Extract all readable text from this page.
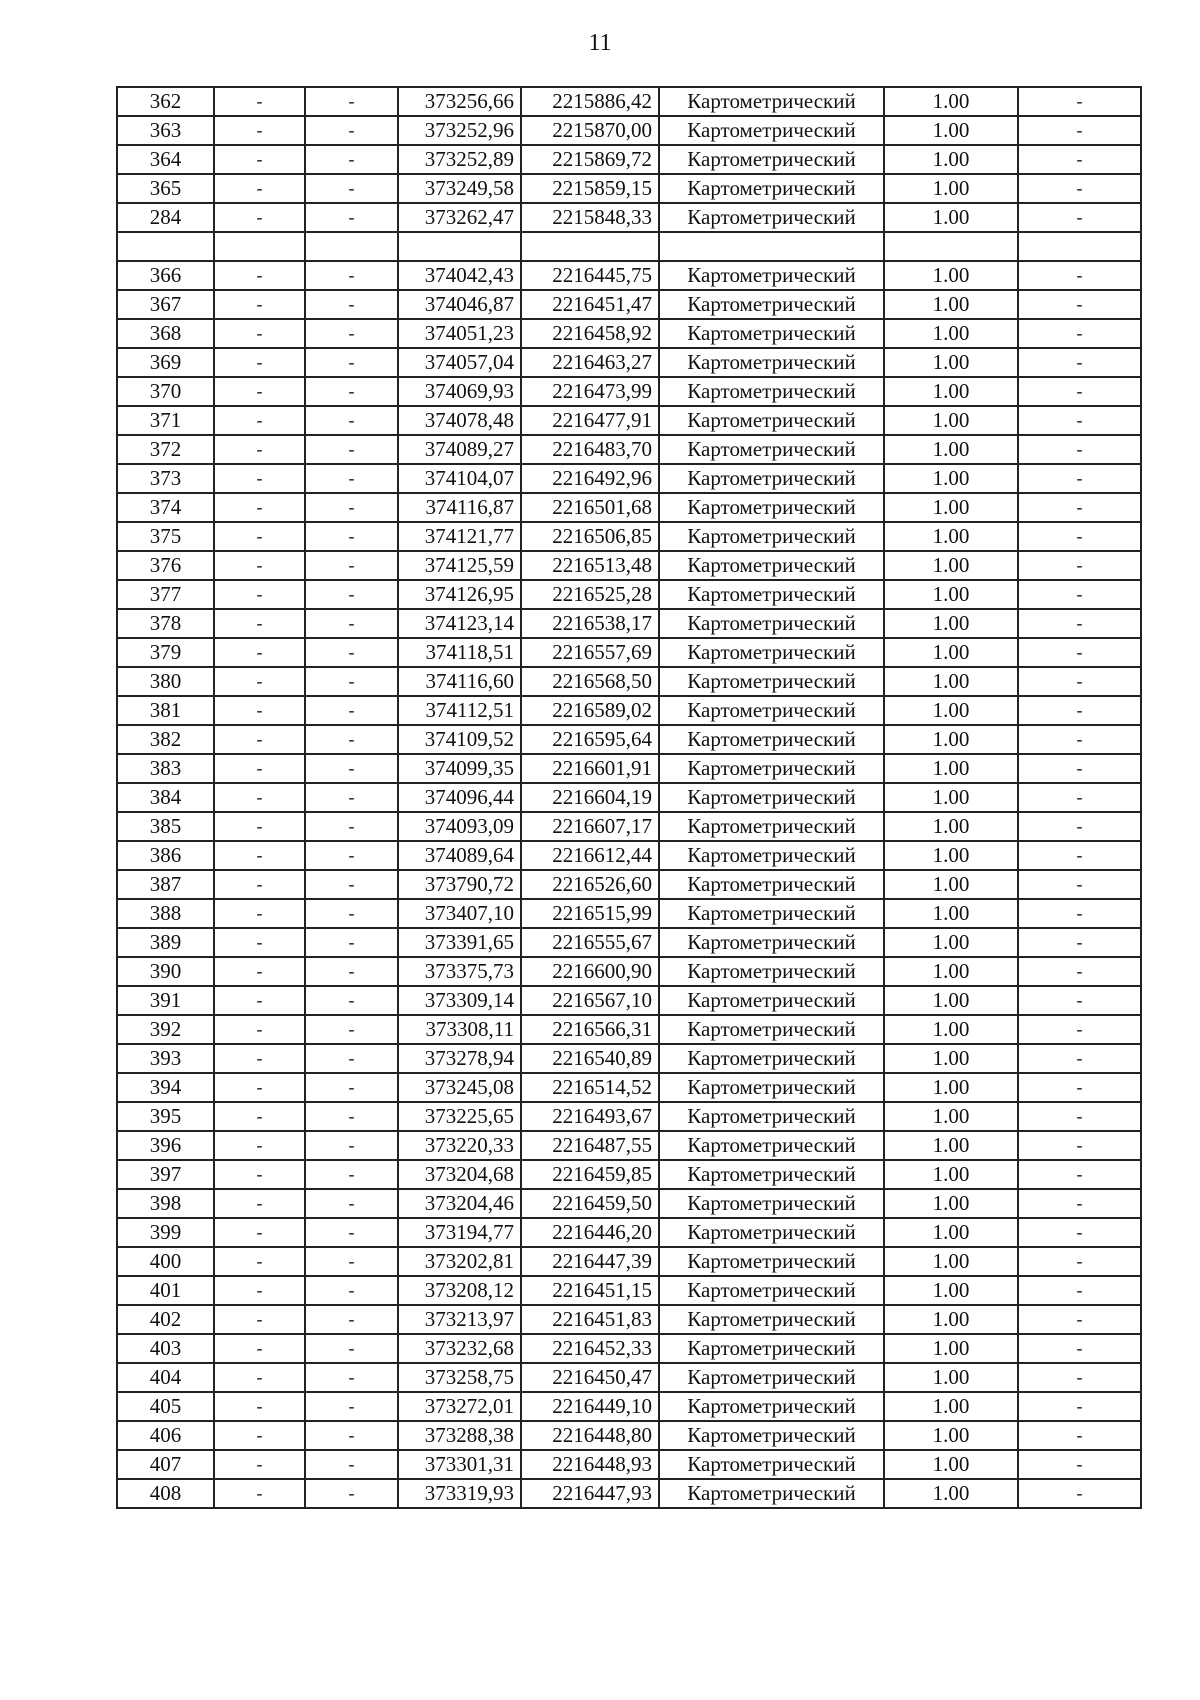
11
362	-	-	373256,66	2215886,42	Картометрический	1.00	-
363	-	-	373252,96	2215870,00	Картометрический	1.00	-
364	-	-	373252,89	2215869,72	Картометрический	1.00	-
365	-	-	373249,58	2215859,15	Картометрический	1.00	-
284	-	-	373262,47	2215848,33	Картометрический	1.00	-

366	-	-	374042,43	2216445,75	Картометрический	1.00	-
367	-	-	374046,87	2216451,47	Картометрический	1.00	-
368	-	-	374051,23	2216458,92	Картометрический	1.00	-
369	-	-	374057,04	2216463,27	Картометрический	1.00	-
370	-	-	374069,93	2216473,99	Картометрический	1.00	-
371	-	-	374078,48	2216477,91	Картометрический	1.00	-
372	-	-	374089,27	2216483,70	Картометрический	1.00	-
373	-	-	374104,07	2216492,96	Картометрический	1.00	-
374	-	-	374116,87	2216501,68	Картометрический	1.00	-
375	-	-	374121,77	2216506,85	Картометрический	1.00	-
376	-	-	374125,59	2216513,48	Картометрический	1.00	-
377	-	-	374126,95	2216525,28	Картометрический	1.00	-
378	-	-	374123,14	2216538,17	Картометрический	1.00	-
379	-	-	374118,51	2216557,69	Картометрический	1.00	-
380	-	-	374116,60	2216568,50	Картометрический	1.00	-
381	-	-	374112,51	2216589,02	Картометрический	1.00	-
382	-	-	374109,52	2216595,64	Картометрический	1.00	-
383	-	-	374099,35	2216601,91	Картометрический	1.00	-
384	-	-	374096,44	2216604,19	Картометрический	1.00	-
385	-	-	374093,09	2216607,17	Картометрический	1.00	-
386	-	-	374089,64	2216612,44	Картометрический	1.00	-
387	-	-	373790,72	2216526,60	Картометрический	1.00	-
388	-	-	373407,10	2216515,99	Картометрический	1.00	-
389	-	-	373391,65	2216555,67	Картометрический	1.00	-
390	-	-	373375,73	2216600,90	Картометрический	1.00	-
391	-	-	373309,14	2216567,10	Картометрический	1.00	-
392	-	-	373308,11	2216566,31	Картометрический	1.00	-
393	-	-	373278,94	2216540,89	Картометрический	1.00	-
394	-	-	373245,08	2216514,52	Картометрический	1.00	-
395	-	-	373225,65	2216493,67	Картометрический	1.00	-
396	-	-	373220,33	2216487,55	Картометрический	1.00	-
397	-	-	373204,68	2216459,85	Картометрический	1.00	-
398	-	-	373204,46	2216459,50	Картометрический	1.00	-
399	-	-	373194,77	2216446,20	Картометрический	1.00	-
400	-	-	373202,81	2216447,39	Картометрический	1.00	-
401	-	-	373208,12	2216451,15	Картометрический	1.00	-
402	-	-	373213,97	2216451,83	Картометрический	1.00	-
403	-	-	373232,68	2216452,33	Картометрический	1.00	-
404	-	-	373258,75	2216450,47	Картометрический	1.00	-
405	-	-	373272,01	2216449,10	Картометрический	1.00	-
406	-	-	373288,38	2216448,80	Картометрический	1.00	-
407	-	-	373301,31	2216448,93	Картометрический	1.00	-
408	-	-	373319,93	2216447,93	Картометрический	1.00	-
